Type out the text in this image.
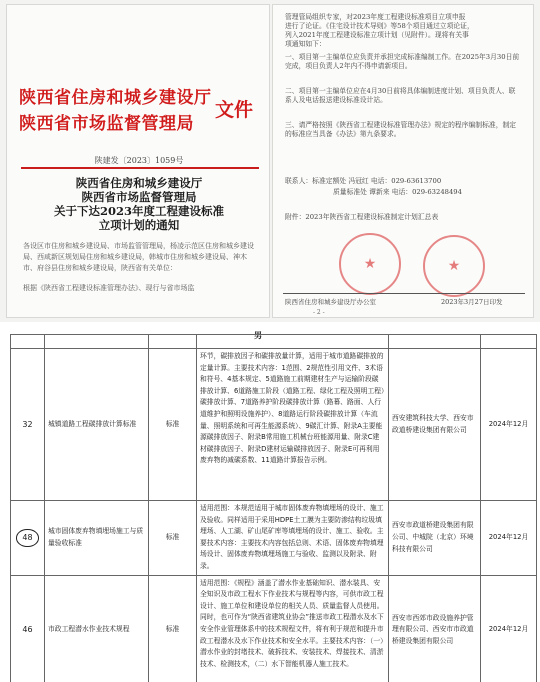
陕西省住房和城乡建设厅
陕西省市场监督管理局
文件
陕建发〔2023〕1059号
陕西省住房和城乡建设厅
陕西省市场监督管理局
关于下达2023年度工程建设标准
立项计划的通知
各设区市住房和城乡建设局、市场监管管理局，杨凌示范区住房和城乡建设局、西咸新区规划局住房和城乡建设局，韩城市住房和城乡建设局、神木市、府谷县住房和城乡建设局，陕西省有关单位：
根据《陕西省工程建设标准管理办法》、现行与省市场监
管理管局组织专家，对2023年度工程建设标准项目立项申报
进行了论证。《住宅设计技术导则》等58个项目通过立项论证，
列入2021年度工程建设标准立项计划（见附件）。现将有关事
项通知如下：
一、项目第一主编单位应负责并承担完成标准编制工作。在2025年3月30日前完成，项目负责人2年内不得申请新项目。
二、项目第一主编单位应在4月30日前将具体编制进度计划、项目负责人、联系人及电话报送建设标准设计站。
三、请严格按照《陕西省工程建设标准管理办法》规定的程序编制标准，制定的标准应当具备《办法》第九条要求。
联系人：标准定额处 冯冠红 电话：029-63613700
质量标准处 谭新来 电话：029-63248494
附件：2023年陕西省工程建设标准制定计划汇总表
★	★
陕西省住房和城乡建设厅办公室	2023年3月27日印发
- 2 -
男

32	城镇道路工程碳排放计算标准	标准	环节，碳排放因子和碳排放量计算，适用于城市道路碳排放的定量计算。主要技术内容：1范围、2规范性引用文件、3术语和符号、4基本规定、5道路施工前期建材生产与运输阶段碳排放计算、6道路施工阶段（道路工程、绿化工程及照明工程）碳排放计算、7道路养护阶段碳排放计算（路幕、路面、人行道维护和照明设施养护）、8道路运行阶段碳排放计算（车流量、照明系统和可再生能源系统）、9碳汇计算、附录A主要能源碳排放因子、附录B常用施工机械台班能源用量、附录C建材碳排放因子、附录D建材运输碳排放因子、附录E可再利用废弃物的减碳系数、11道路计算报告示例。	西安建筑科技大学、西安市政道桥建设集团有限公司	2024年12月
48	城市固体废弃物填埋场施工与质量验收标准	标准	适用范围：本规范适用于城市固体废弃物填埋场的设计、施工及验收。同样适用于采用HDPE土工膜为主要防渗结构垃圾填埋场、人工湖、矿山尾矿库等填埋场的设计、施工、验收。主要技术内容：主要技术内容包括总则、术语、固体废弃物填埋场设计、固体废弃物填埋场施工与验收、监测以及附录、附录。	西安市政道桥建设集团有限公司、中城院（北京）环境科技有限公司	2024年12月
46	市政工程潜水作业技术规程	标准	适用范围：《规程》涵盖了潜水作业基础知识、潜水装具、安全知识及市政工程水下作业技术与规程等内容，可供市政工程设计、施工单位和建设单位的相关人员、质量监督人员使用。同时，也可作为“陕西省建筑业协会”推送市政工程潜水及水下安全作业管理体系中的技术规程文件，将有利于规范和提升市政工程潜水及水下作业技术和安全水平。主要技术内容：（一）潜水作业的封堵技术、破拆技术、安装技术、焊接技术、清淤技术、检测技术，（二）水下智能机器人施工技术。	西安市西郊市政设施养护管理有限公司、西安市市政道桥建设集团有限公司	2024年12月
